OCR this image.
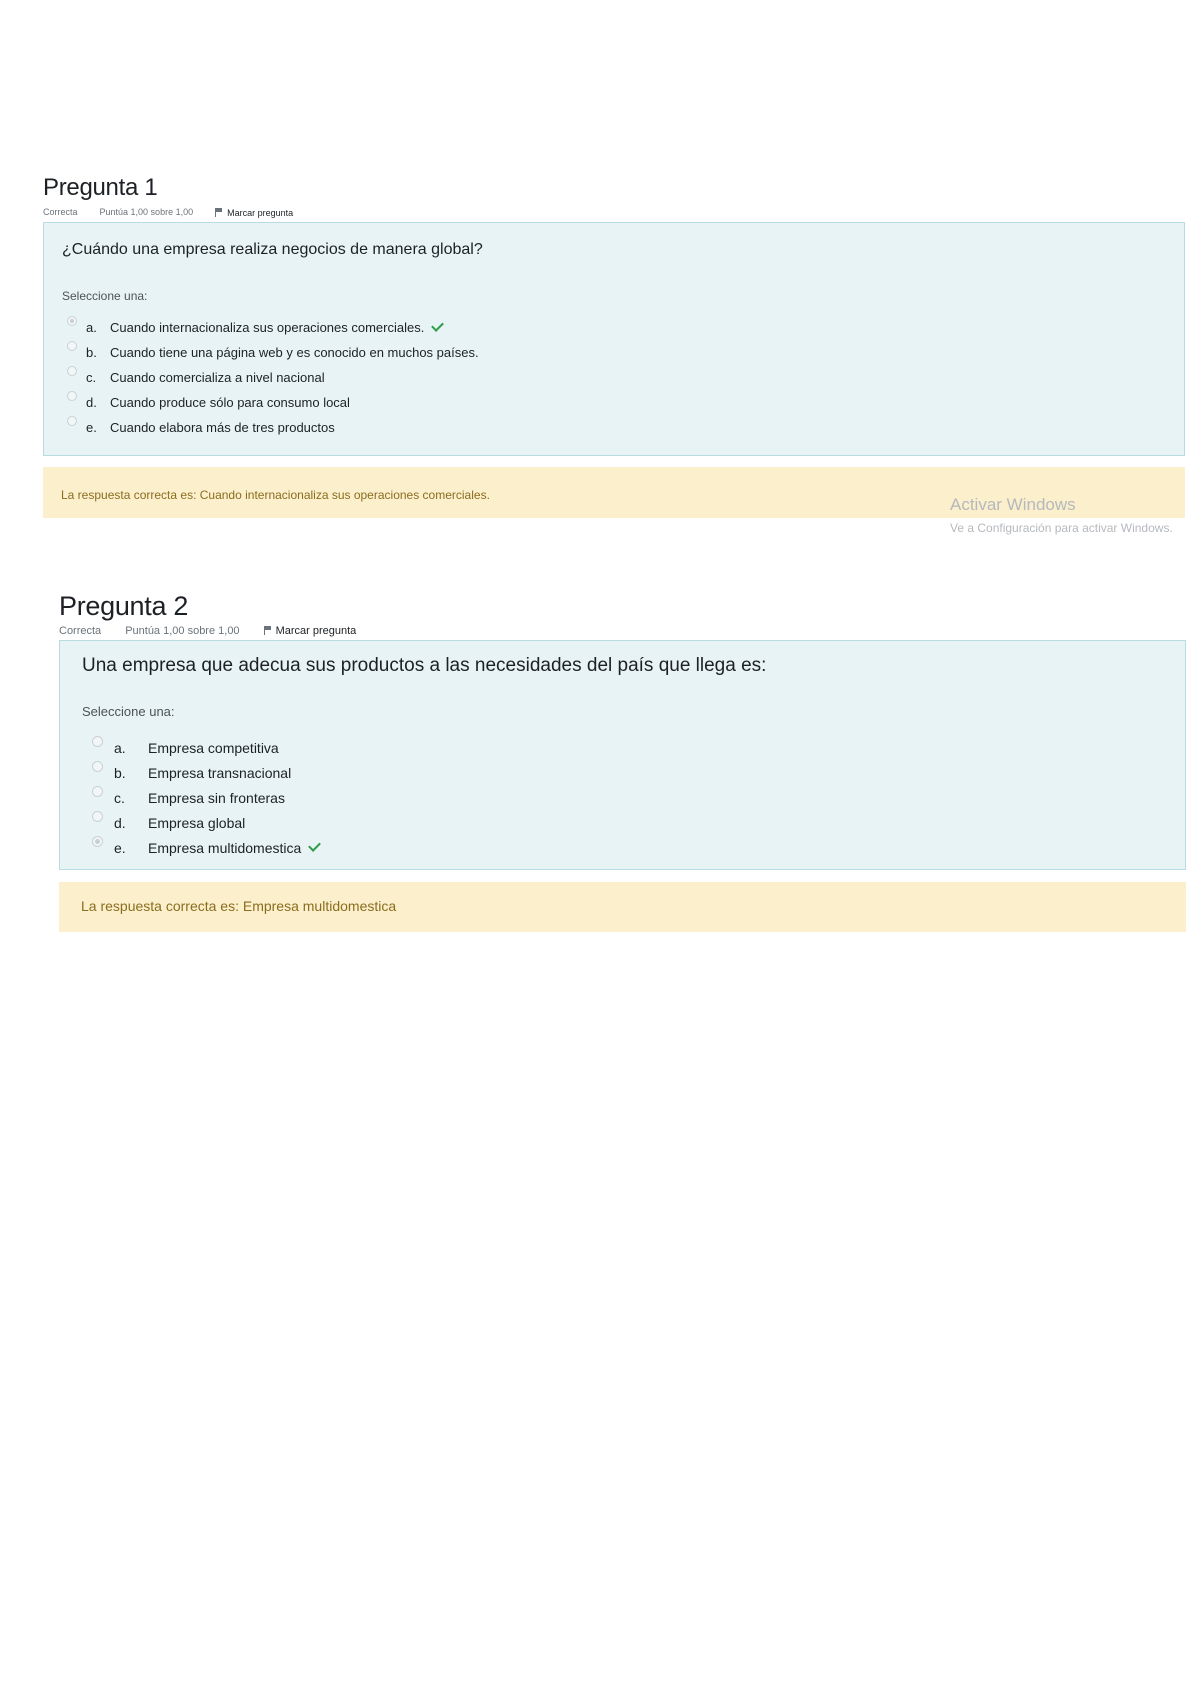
Pregunta 1
Correcta Puntúa 1,00 sobre 1,00	Marcar pregunta
¿Cuándo una empresa realiza negocios de manera global?
Seleccione una:
a.	Cuando internacionaliza sus operaciones comerciales.
b.	Cuando tiene una página web y es conocido en muchos países.
c.	Cuando comercializa a nivel nacional
d.	Cuando produce sólo para consumo local
e.	Cuando elabora más de tres productos
La respuesta correcta es: Cuando internacionaliza sus operaciones comerciales.	Activar Windows
Ve a Configuración para activar Windows.
Pregunta 2
Correcta Puntúa 1,00 sobre 1,00	Marcar pregunta
Una empresa que adecua sus productos a las necesidades del país que llega es:
Seleccione una:
a.	Empresa competitiva
b.	Empresa transnacional
c.	Empresa sin fronteras
d.	Empresa global
e.	Empresa multidomestica
La respuesta correcta es: Empresa multidomestica
